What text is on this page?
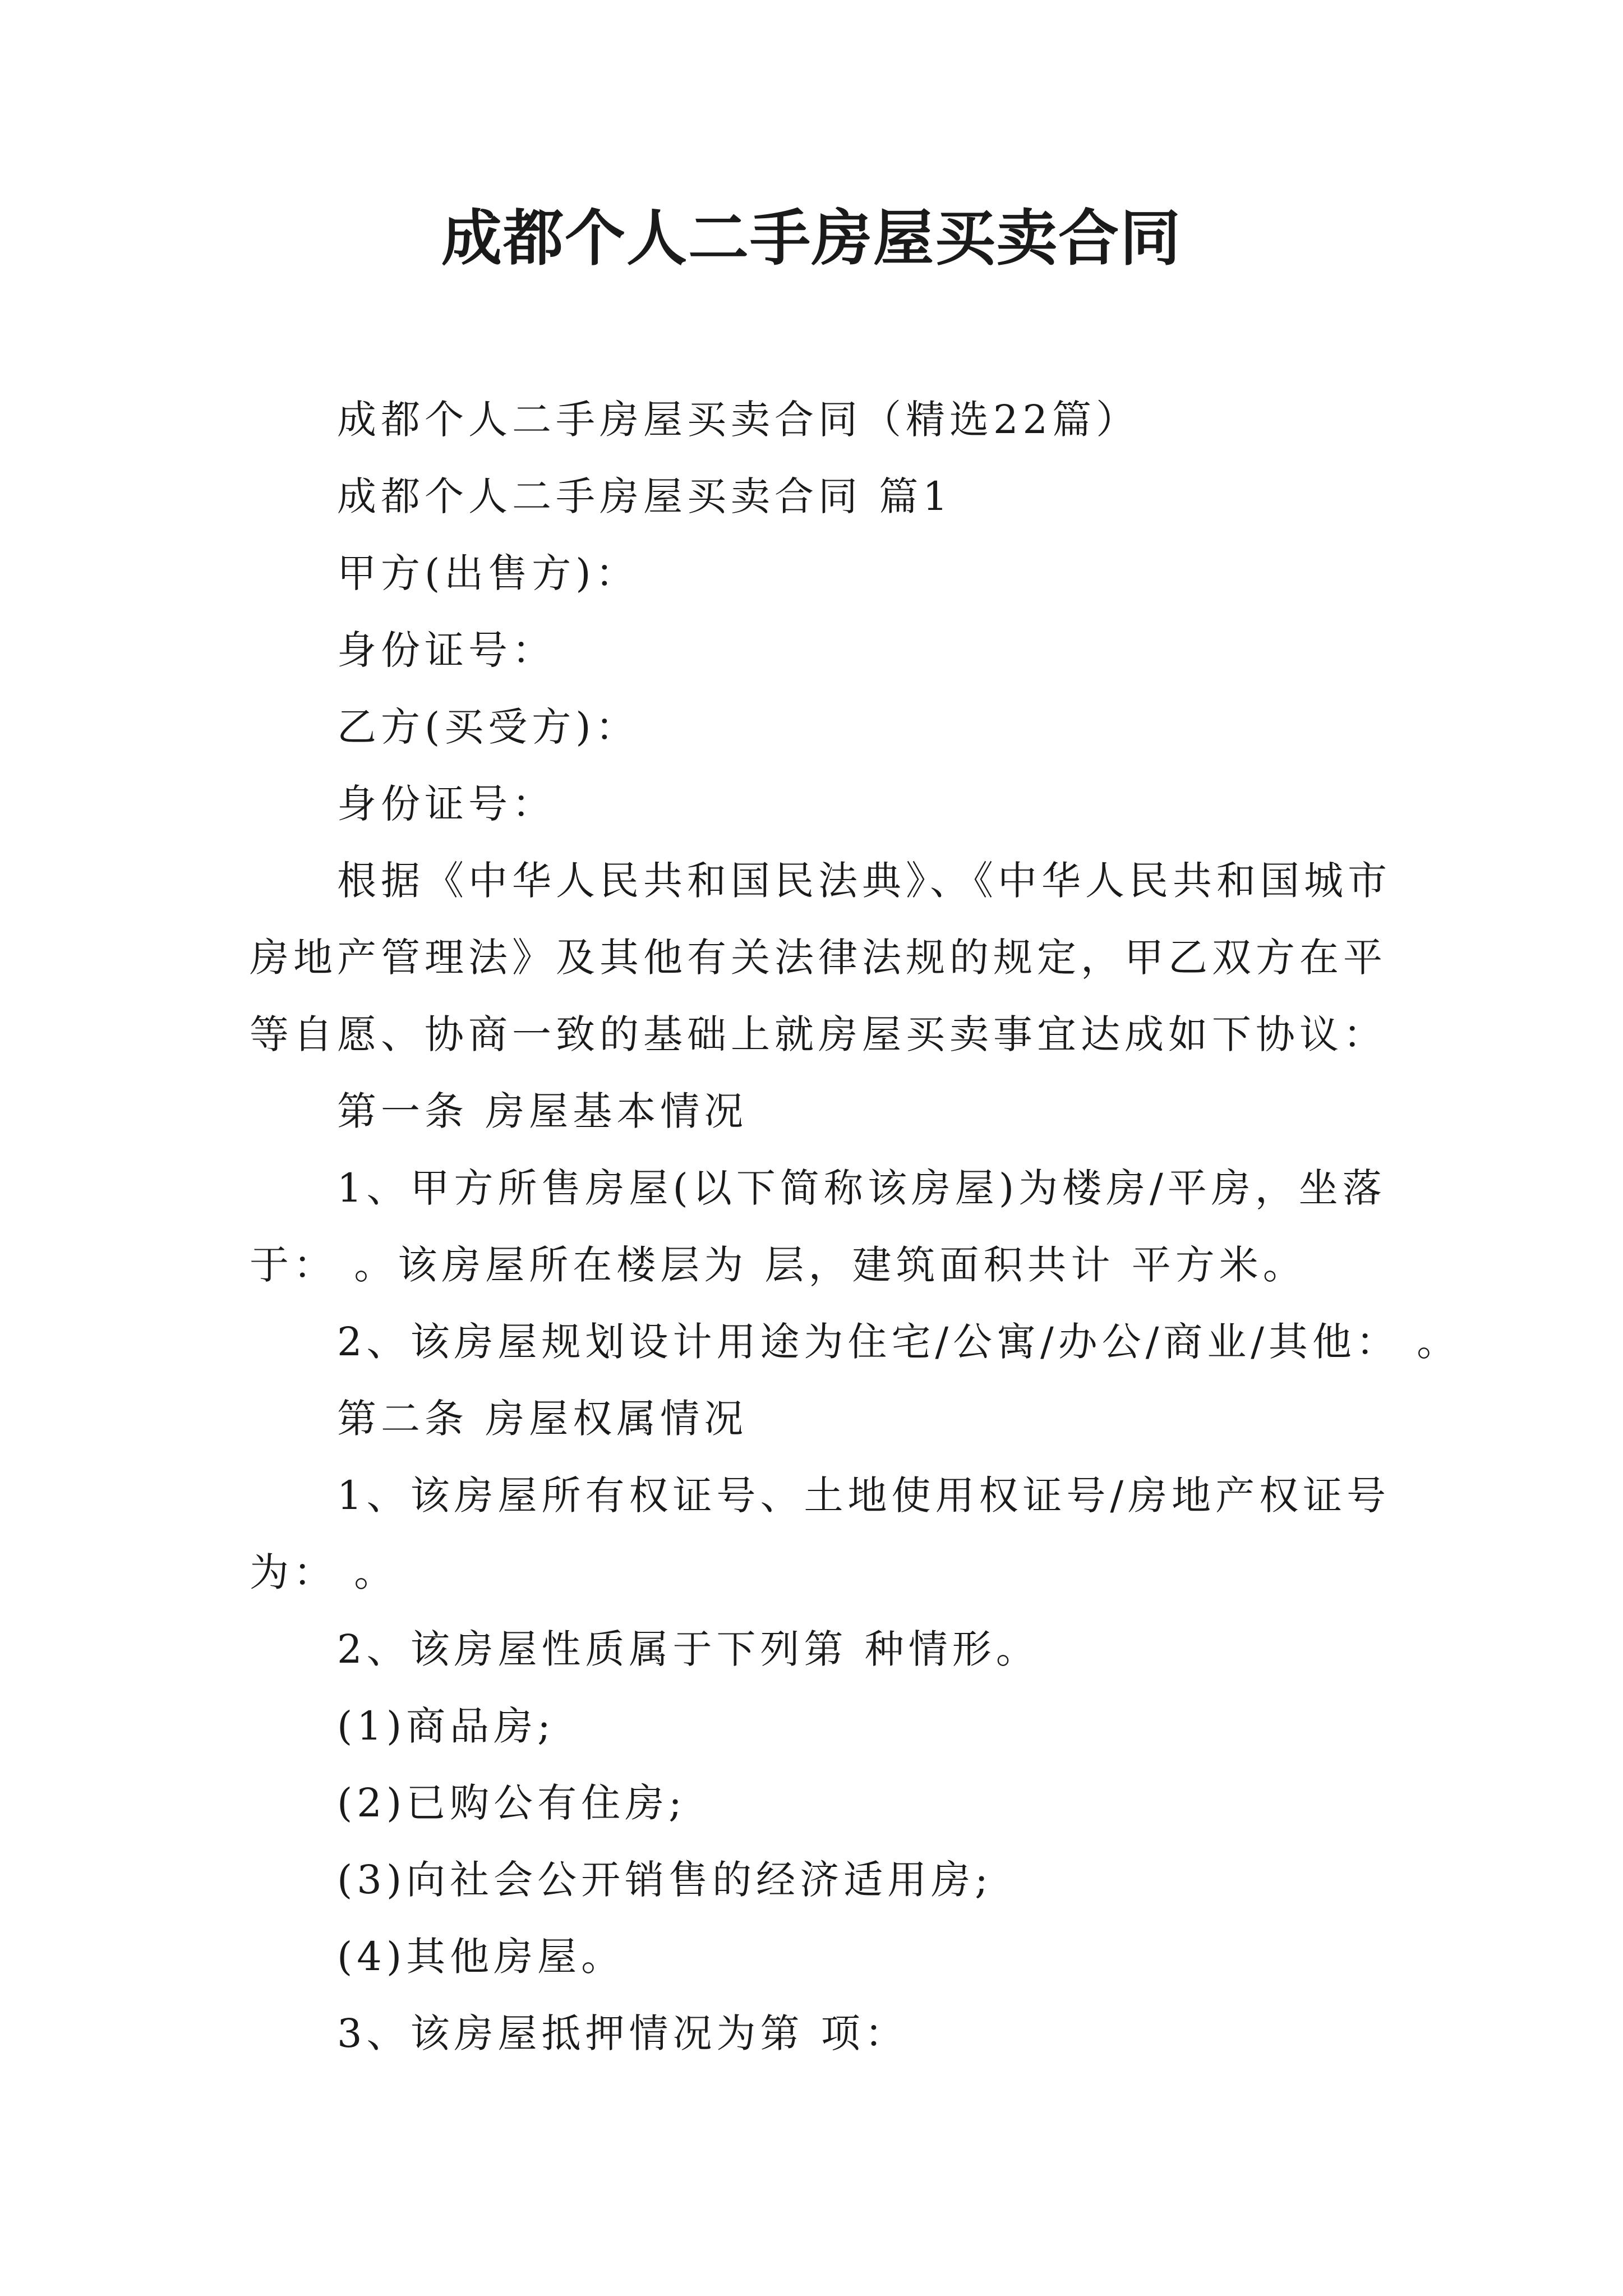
成都个人二手房屋买卖合同

成都个人二手房屋买卖合同（精选22篇）

成都个人二手房屋买卖合同 篇1

甲方(出售方)：

身份证号：

乙方(买受方)：

身份证号：

根据《中华人民共和国民法典》、《中华人民共和国城市房地产管理法》及其他有关法律法规的规定，甲乙双方在平等自愿、协商一致的基础上就房屋买卖事宜达成如下协议：

第一条 房屋基本情况

1、甲方所售房屋(以下简称该房屋)为楼房/平房，坐落于： 。该房屋所在楼层为 层，建筑面积共计 平方米。

2、该房屋规划设计用途为住宅/公寓/办公/商业/其他： 。

第二条 房屋权属情况

1、该房屋所有权证号、土地使用权证号/房地产权证号为： 。

2、该房屋性质属于下列第 种情形。

(1)商品房;

(2)已购公有住房;

(3)向社会公开销售的经济适用房;

(4)其他房屋。

3、该房屋抵押情况为第 项：
